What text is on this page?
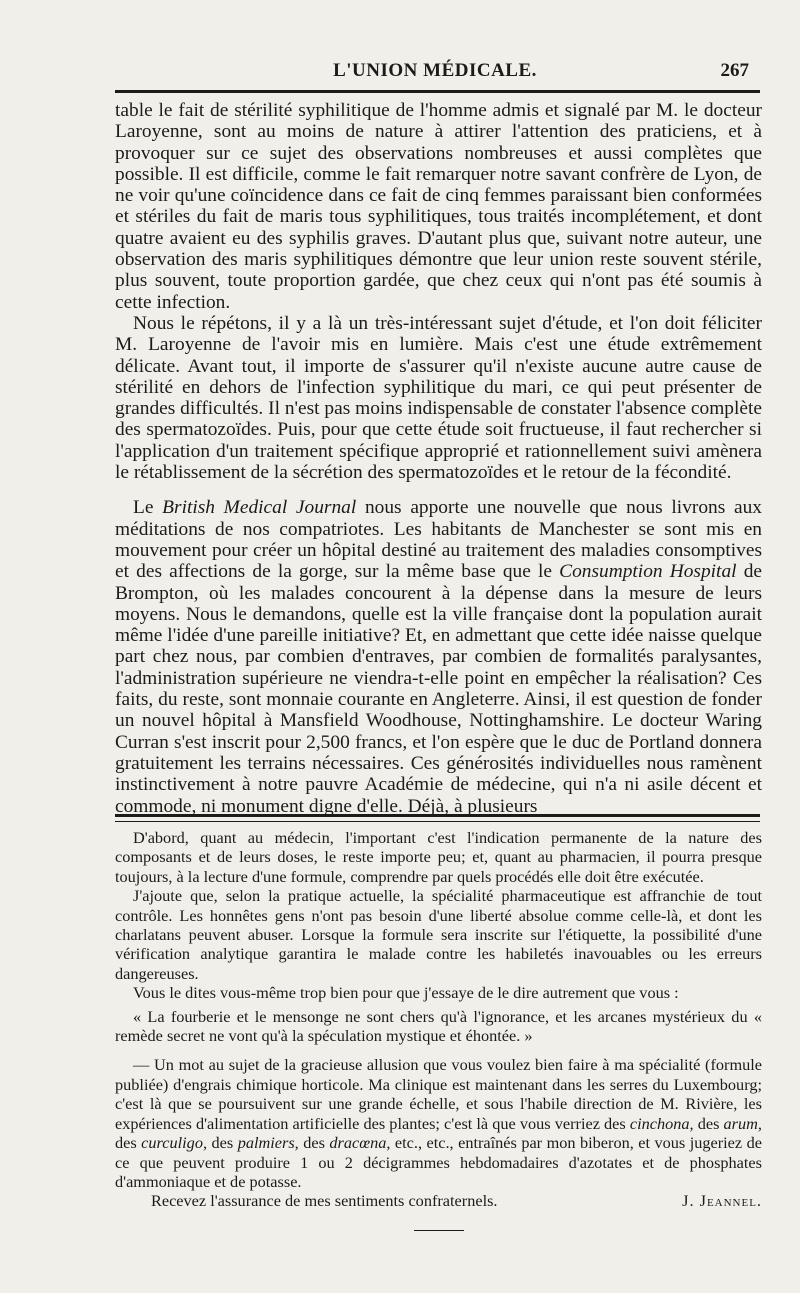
L'UNION MÉDICALE.	267

table le fait de stérilité syphilitique de l'homme admis et signalé par M. le docteur Laroyenne, sont au moins de nature à attirer l'attention des praticiens, et à provoquer sur ce sujet des observations nombreuses et aussi complètes que possible. Il est difficile, comme le fait remarquer notre savant confrère de Lyon, de ne voir qu'une coïncidence dans ce fait de cinq femmes paraissant bien conformées et stériles du fait de maris tous syphilitiques, tous traités incomplétement, et dont quatre avaient eu des syphilis graves. D'autant plus que, suivant notre auteur, une observation des maris syphilitiques démontre que leur union reste souvent stérile, plus souvent, toute proportion gardée, que chez ceux qui n'ont pas été soumis à cette infection.

Nous le répétons, il y a là un très-intéressant sujet d'étude, et l'on doit féliciter M. Laroyenne de l'avoir mis en lumière. Mais c'est une étude extrêmement délicate. Avant tout, il importe de s'assurer qu'il n'existe aucune autre cause de stérilité en dehors de l'infection syphilitique du mari, ce qui peut présenter de grandes difficultés. Il n'est pas moins indispensable de constater l'absence complète des spermatozoïdes. Puis, pour que cette étude soit fructueuse, il faut rechercher si l'application d'un traitement spécifique approprié et rationnellement suivi amènera le rétablissement de la sécrétion des spermatozoïdes et le retour de la fécondité.

Le British Medical Journal nous apporte une nouvelle que nous livrons aux méditations de nos compatriotes. Les habitants de Manchester se sont mis en mouvement pour créer un hôpital destiné au traitement des maladies consomptives et des affections de la gorge, sur la même base que le Consumption Hospital de Brompton, où les malades concourent à la dépense dans la mesure de leurs moyens. Nous le demandons, quelle est la ville française dont la population aurait même l'idée d'une pareille initiative? Et, en admettant que cette idée naisse quelque part chez nous, par combien d'entraves, par combien de formalités paralysantes, l'administration supérieure ne viendra-t-elle point en empêcher la réalisation? Ces faits, du reste, sont monnaie courante en Angleterre. Ainsi, il est question de fonder un nouvel hôpital à Mansfield Woodhouse, Nottinghamshire. Le docteur Waring Curran s'est inscrit pour 2,500 francs, et l'on espère que le duc de Portland donnera gratuitement les terrains nécessaires. Ces générosités individuelles nous ramènent instinctivement à notre pauvre Académie de médecine, qui n'a ni asile décent et commode, ni monument digne d'elle. Déjà, à plusieurs

D'abord, quant au médecin, l'important c'est l'indication permanente de la nature des composants et de leurs doses, le reste importe peu; et, quant au pharmacien, il pourra presque toujours, à la lecture d'une formule, comprendre par quels procédés elle doit être exécutée.

J'ajoute que, selon la pratique actuelle, la spécialité pharmaceutique est affranchie de tout contrôle. Les honnêtes gens n'ont pas besoin d'une liberté absolue comme celle-là, et dont les charlatans peuvent abuser. Lorsque la formule sera inscrite sur l'étiquette, la possibilité d'une vérification analytique garantira le malade contre les habiletés inavouables ou les erreurs dangereuses.

Vous le dites vous-même trop bien pour que j'essaye de le dire autrement que vous :

« La fourberie et le mensonge ne sont chers qu'à l'ignorance, et les arcanes mystérieux du « remède secret ne vont qu'à la spéculation mystique et éhontée. »

— Un mot au sujet de la gracieuse allusion que vous voulez bien faire à ma spécialité (formule publiée) d'engrais chimique horticole. Ma clinique est maintenant dans les serres du Luxembourg; c'est là que se poursuivent sur une grande échelle, et sous l'habile direction de M. Rivière, les expériences d'alimentation artificielle des plantes; c'est là que vous verriez des cinchona, des arum, des curculigo, des palmiers, des dracœna, etc., etc., entraînés par mon biberon, et vous jugeriez de ce que peuvent produire 1 ou 2 décigrammes hebdomadaires d'azotates et de phosphates d'ammoniaque et de potasse.

Recevez l'assurance de mes sentiments confraternels.	J. Jeannel.
